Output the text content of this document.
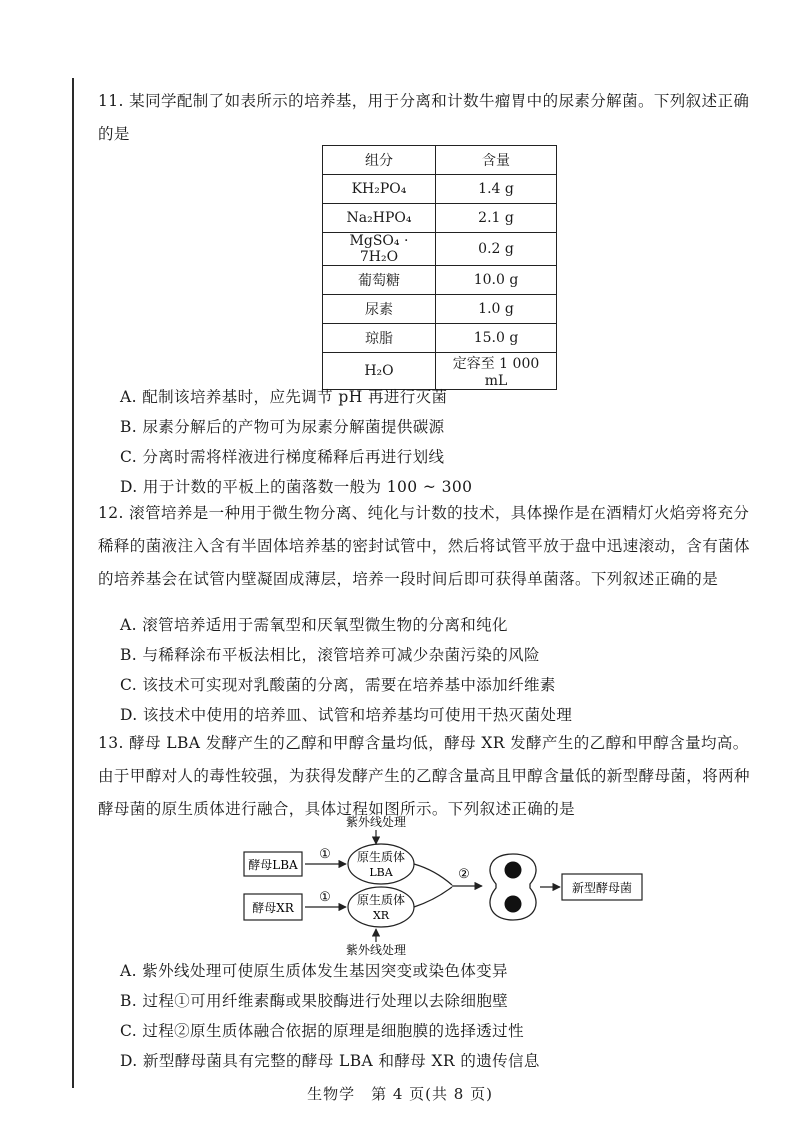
11. 某同学配制了如表所示的培养基，用于分离和计数牛瘤胃中的尿素分解菌。下列叙述正确的是
组分	含量
KH₂PO₄	1.4 g
Na₂HPO₄	2.1 g
MgSO₄ · 7H₂O	0.2 g
葡萄糖	10.0 g
尿素	1.0 g
琼脂	15.0 g
H₂O	定容至 1 000 mL
A. 配制该培养基时，应先调节 pH 再进行灭菌
B. 尿素分解后的产物可为尿素分解菌提供碳源
C. 分离时需将样液进行梯度稀释后再进行划线
D. 用于计数的平板上的菌落数一般为 100 ~ 300
12. 滚管培养是一种用于微生物分离、纯化与计数的技术，具体操作是在酒精灯火焰旁将充分稀释的菌液注入含有半固体培养基的密封试管中，然后将试管平放于盘中迅速滚动，含有菌体的培养基会在试管内壁凝固成薄层，培养一段时间后即可获得单菌落。下列叙述正确的是
A. 滚管培养适用于需氧型和厌氧型微生物的分离和纯化
B. 与稀释涂布平板法相比，滚管培养可减少杂菌污染的风险
C. 该技术可实现对乳酸菌的分离，需要在培养基中添加纤维素
D. 该技术中使用的培养皿、试管和培养基均可使用干热灭菌处理
13. 酵母 LBA 发酵产生的乙醇和甲醇含量均低，酵母 XR 发酵产生的乙醇和甲醇含量均高。由于甲醇对人的毒性较强，为获得发酵产生的乙醇含量高且甲醇含量低的新型酵母菌，将两种酵母菌的原生质体进行融合，具体过程如图所示。下列叙述正确的是
紫外线处理
酵母LBA
① 原生质体
LBA
酵母XR
① 原生质体
XR
紫外线处理
②
新型酵母菌
A. 紫外线处理可使原生质体发生基因突变或染色体变异
B. 过程①可用纤维素酶或果胶酶进行处理以去除细胞壁
C. 过程②原生质体融合依据的原理是细胞膜的选择透过性
D. 新型酵母菌具有完整的酵母 LBA 和酵母 XR 的遗传信息
生物学　第 4 页(共 8 页)
